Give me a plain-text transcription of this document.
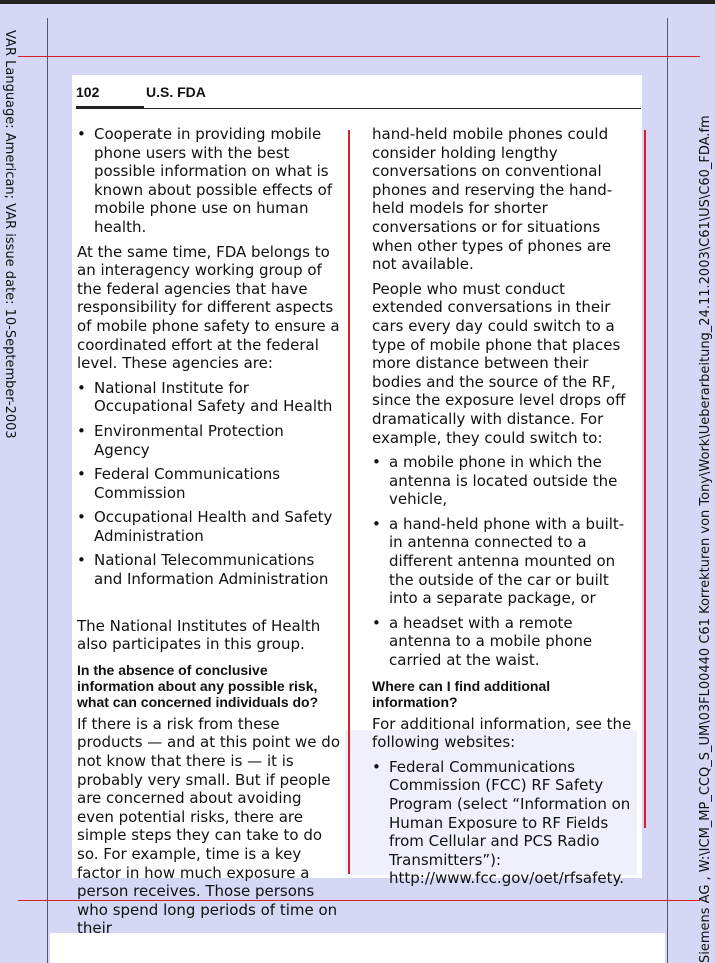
VAR Language: American; VAR issue date: 10-September-2003	Siemens AG , W:\ICM_MP_CCQ_S_UM\03FL00440 C61 Korrekturen von Tony\Work\Ueberarbeitung_24.11.2003\C61\US\C60_FDA.fm
102	U.S. FDA
• Cooperate in providing mobile phone users with the best possible information on what is known about possible effects of mobile phone use on human health.

At the same time, FDA belongs to an interagency working group of the federal agencies that have responsibility for different aspects of mobile phone safety to ensure a coordinated effort at the federal level. These agencies are:

• National Institute for Occupational Safety and Health
• Environmental Protection Agency
• Federal Communications Commission
• Occupational Health and Safety Administration
• National Telecommunications and Information Administration

The National Institutes of Health also participates in this group.

In the absence of conclusive information about any possible risk, what can concerned individuals do?

If there is a risk from these products — and at this point we do not know that there is — it is probably very small. But if people are concerned about avoiding even potential risks, there are simple steps they can take to do so. For example, time is a key factor in how much exposure a person receives. Those persons who spend long periods of time on their

hand-held mobile phones could consider holding lengthy conversations on conventional phones and reserving the hand-held models for shorter conversations or for situations when other types of phones are not available.

People who must conduct extended conversations in their cars every day could switch to a type of mobile phone that places more distance between their bodies and the source of the RF, since the exposure level drops off dramatically with distance. For example, they could switch to:

• a mobile phone in which the antenna is located outside the vehicle,
• a hand-held phone with a built-in antenna connected to a different antenna mounted on the outside of the car or built into a separate package, or
• a headset with a remote antenna to a mobile phone carried at the waist.
Where can I find additional information?

For additional information, see the following websites:

• Federal Communications Commission (FCC) RF Safety Program (select “Information on Human Exposure to RF Fields from Cellular and PCS Radio Transmitters”): http://www.fcc.gov/oet/rfsafety.
